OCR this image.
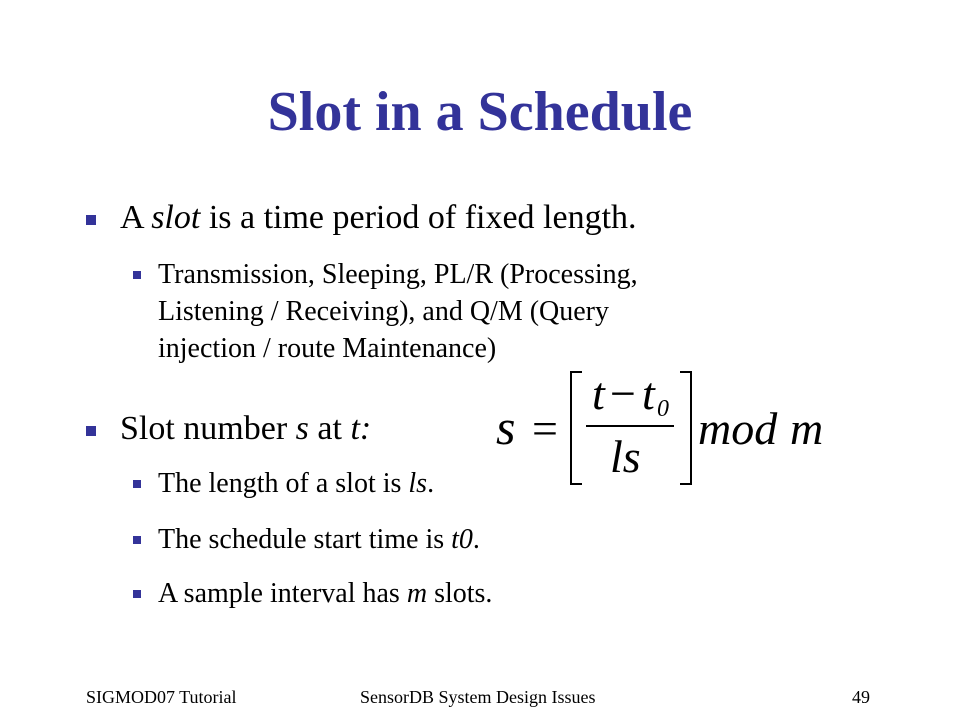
Slot in a Schedule
A slot is a time period of fixed length.
Transmission, Sleeping, PL/R (Processing,
Listening / Receiving), and Q/M (Query
injection / route Maintenance)
Slot number s at t:
The length of a slot is ls.
The schedule start time is t0.
A sample interval has m slots.
s =
t − t 0
ls
mod m
SIGMOD07 Tutorial	SensorDB System Design Issues	49
